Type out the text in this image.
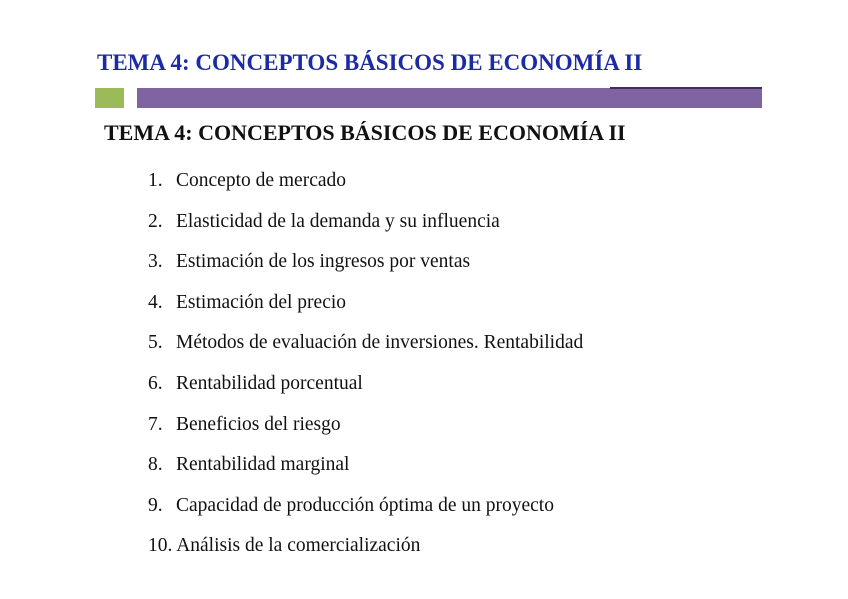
TEMA 4: CONCEPTOS BÁSICOS DE ECONOMÍA II
TEMA 4: CONCEPTOS BÁSICOS DE ECONOMÍA II
1. Concepto de mercado
2. Elasticidad de la demanda y su influencia
3. Estimación de los ingresos por ventas
4. Estimación del precio
5. Métodos de evaluación de inversiones. Rentabilidad
6. Rentabilidad porcentual
7. Beneficios del riesgo
8. Rentabilidad marginal
9. Capacidad de producción óptima de un proyecto
10. Análisis de la comercialización
